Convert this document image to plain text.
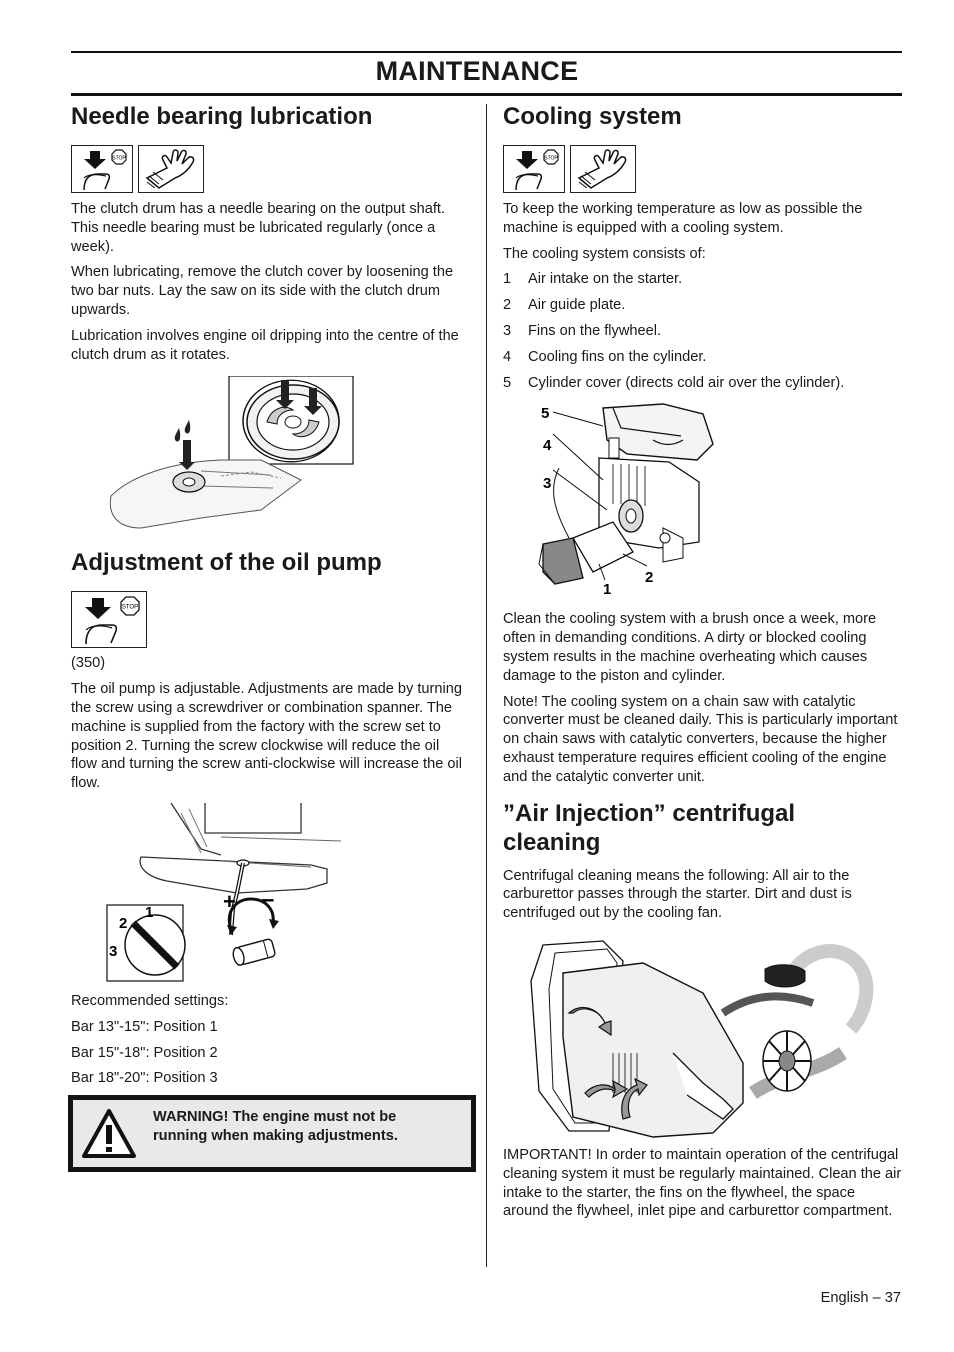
MAINTENANCE
Needle bearing lubrication
STOP

The clutch drum has a needle bearing on the output shaft. This needle bearing must be lubricated regularly (once a week).

When lubricating, remove the clutch cover by loosening the two bar nuts. Lay the saw on its side with the clutch drum upwards.

Lubrication involves engine oil dripping into the centre of the clutch drum as it rotates.

Adjustment of the oil pump
STOP

(350)

The oil pump is adjustable. Adjustments are made by turning the screw using a screwdriver or combination spanner. The machine is supplied from the factory with the screw set to position 2. Turning the screw clockwise will reduce the oil flow and turning the screw anti-clockwise will increase the oil flow.

+ –
1
2
3

Recommended settings:

Bar 13"-15": Position 1

Bar 15"-18": Position 2

Bar 18"-20": Position 3

WARNING! The engine must not be running when making adjustments.
Cooling system
STOP

To keep the working temperature as low as possible the machine is equipped with a cooling system.

The cooling system consists of:

1	Air intake on the starter.
2	Air guide plate.
3	Fins on the flywheel.
4	Cooling fins on the cylinder.
5	Cylinder cover (directs cold air over the cylinder).
5
4
3
2
1

Clean the cooling system with a brush once a week, more often in demanding conditions. A dirty or blocked cooling system results in the machine overheating which causes damage to the piston and cylinder.

Note! The cooling system on a chain saw with catalytic converter must be cleaned daily. This is particularly important on chain saws with catalytic converters, because the higher exhaust temperature requires efficient cooling of the engine and the catalytic converter unit.

”Air Injection” centrifugal cleaning

Centrifugal cleaning means the following: All air to the carburettor passes through the starter. Dirt and dust is centrifuged out by the cooling fan.

IMPORTANT! In order to maintain operation of the centrifugal cleaning system it must be regularly maintained. Clean the air intake to the starter, the fins on the flywheel, the space around the flywheel, inlet pipe and carburettor compartment.

English – 37
